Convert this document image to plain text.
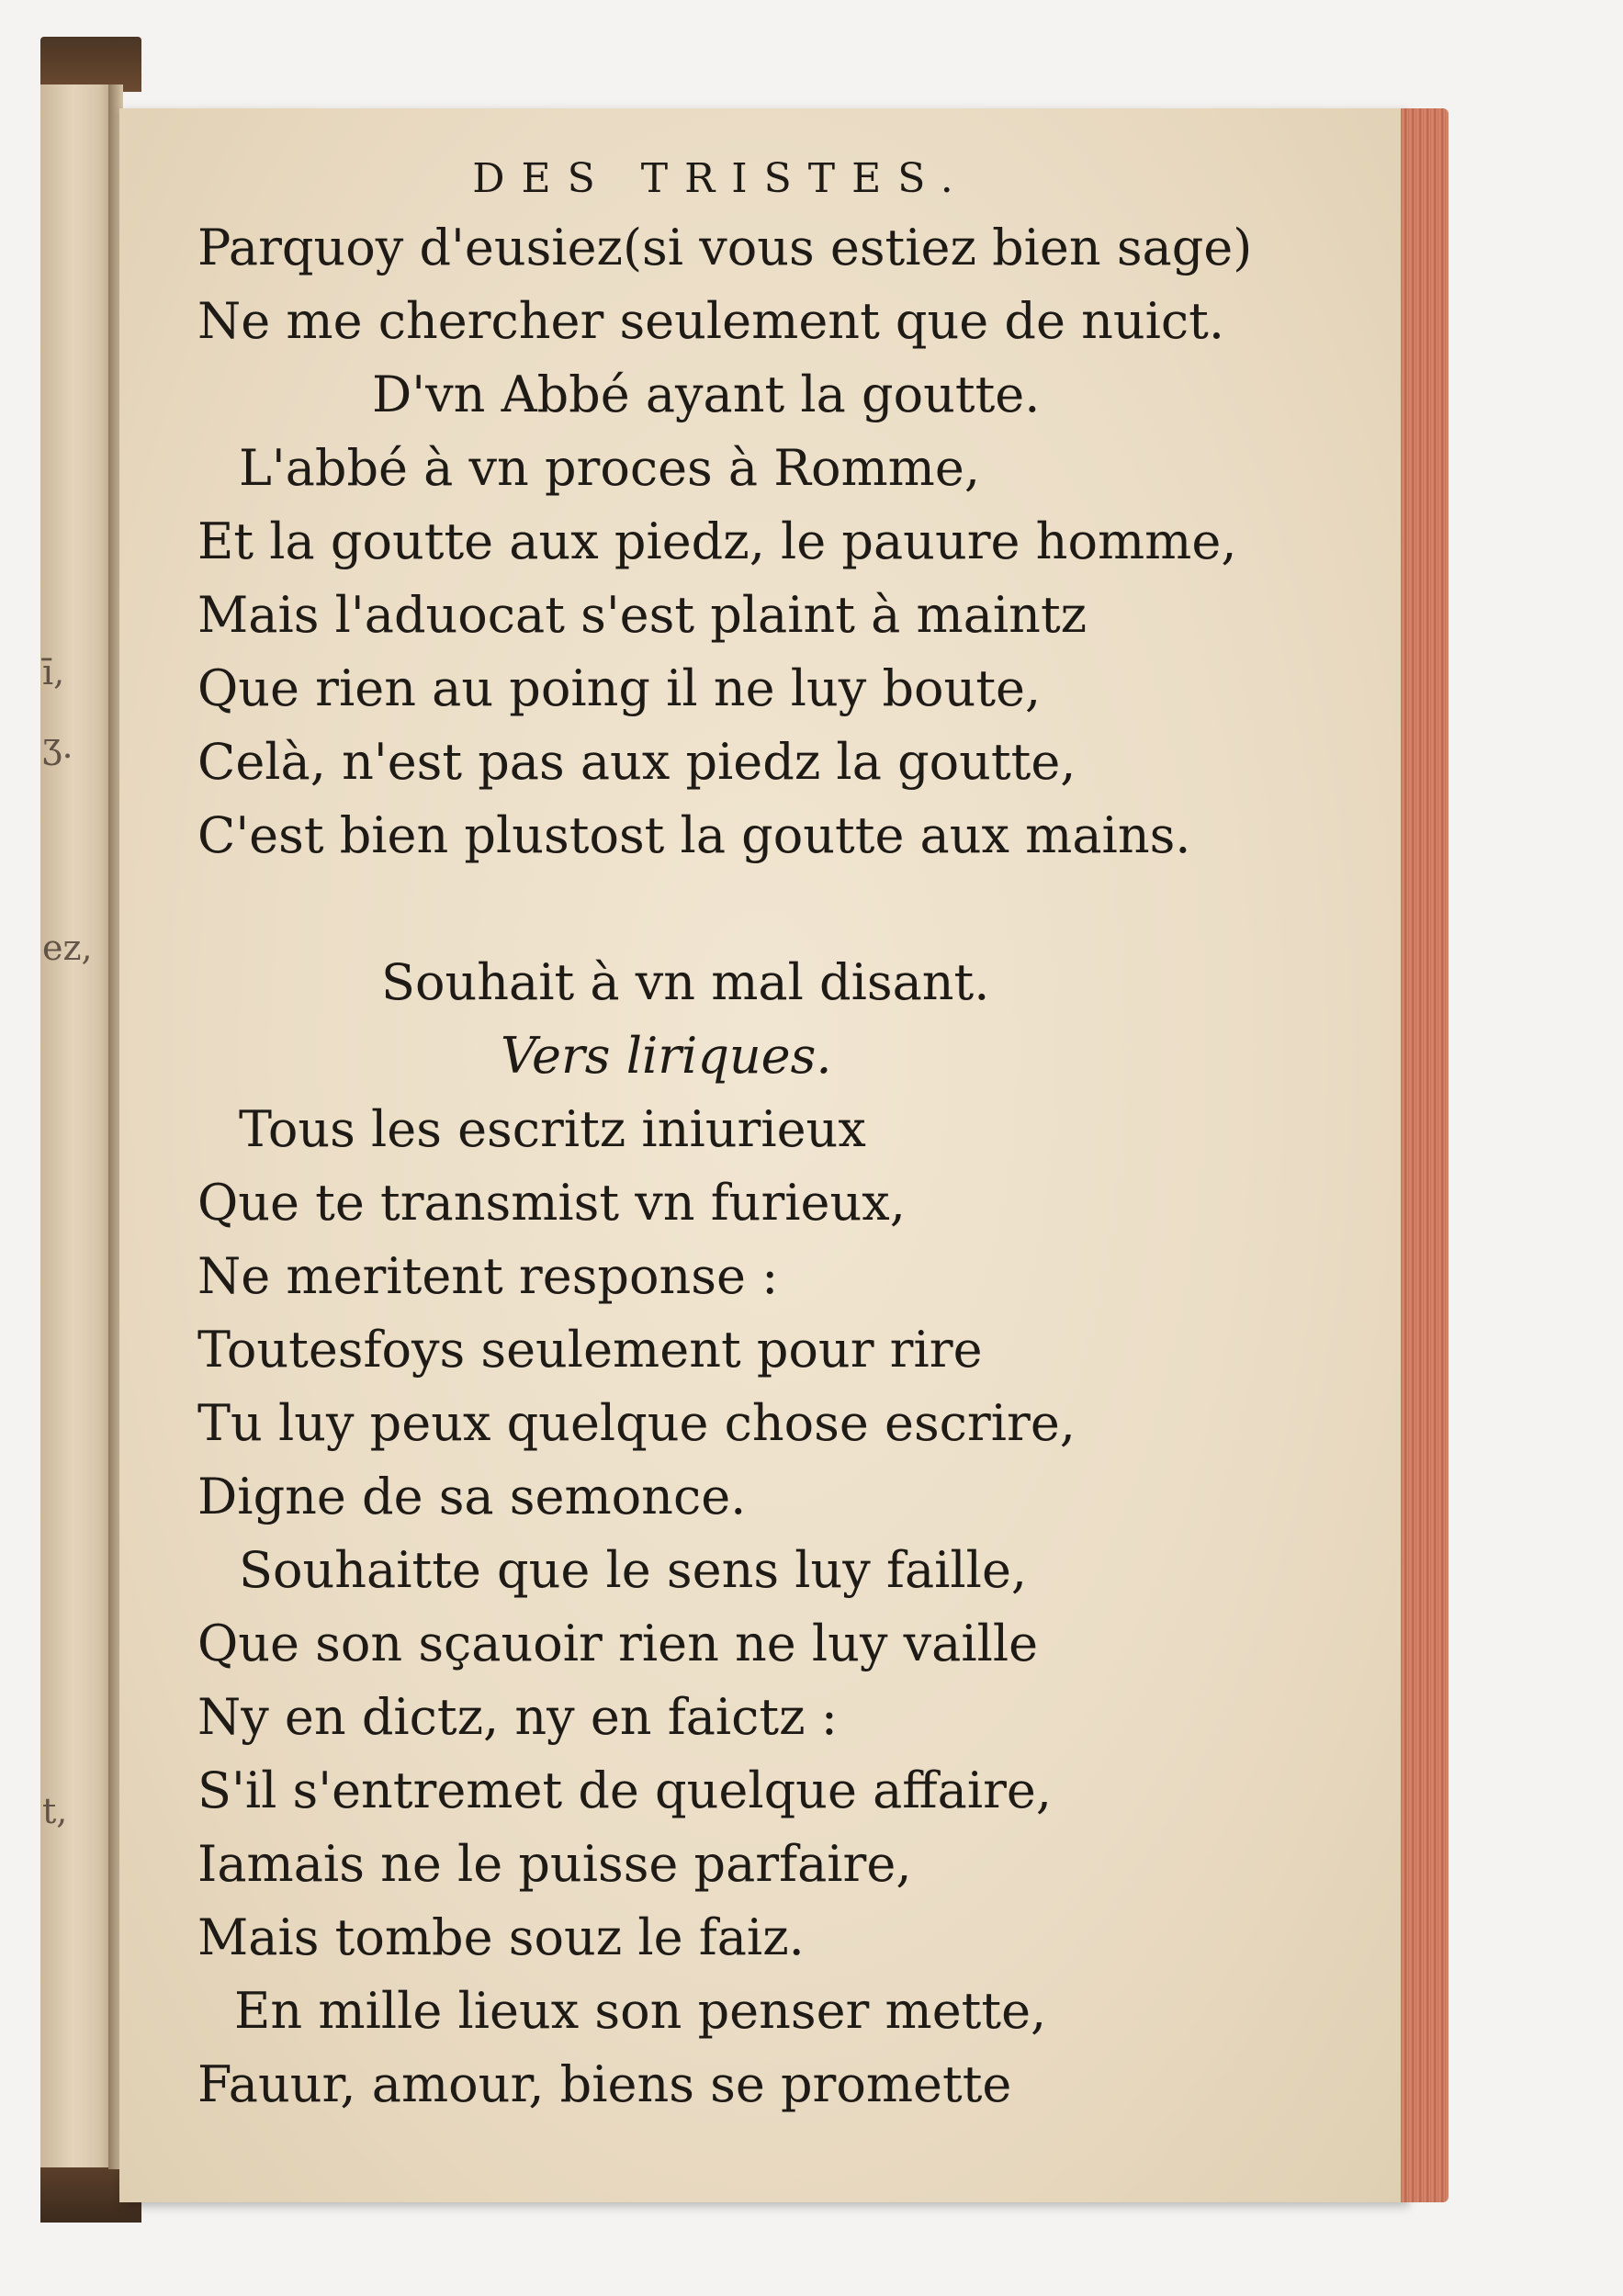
ī,
ʒ.
ez,
t,
DES TRISTES.
Parquoy d'eusiez(si vous estiez bien sage)
Ne me chercher seulement que de nuict.
D'vn Abbé ayant la goutte.
L'abbé à vn proces à Romme,
Et la goutte aux piedz, le pauure homme,
Mais l'aduocat s'est plaint à maintz
Que rien au poing il ne luy boute,
Celà, n'est pas aux piedz la goutte,
C'est bien plustost la goutte aux mains.
Souhait à vn mal disant.
Vers liriques.
Tous les escritz iniurieux
Que te transmist vn furieux,
Ne meritent response :
Toutesfoys seulement pour rire
Tu luy peux quelque chose escrire,
Digne de sa semonce.
Souhaitte que le sens luy faille,
Que son sçauoir rien ne luy vaille
Ny en dictz, ny en faictz :
S'il s'entremet de quelque affaire,
Iamais ne le puisse parfaire,
Mais tombe souz le faiz.
En mille lieux son penser mette,
Fauur, amour, biens se promette
